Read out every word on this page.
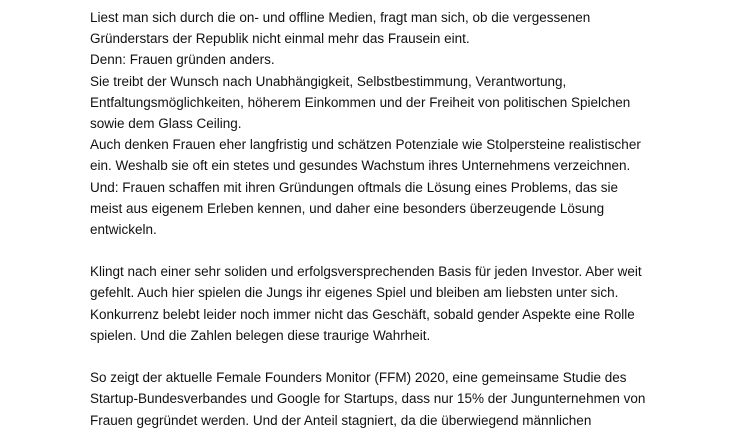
Liest man sich durch die on- und offline Medien, fragt man sich, ob die vergessenen
Gründerstars der Republik nicht einmal mehr das Frausein eint.
Denn: Frauen gründen anders.
Sie treibt der Wunsch nach Unabhängigkeit, Selbstbestimmung, Verantwortung,
Entfaltungsmöglichkeiten, höherem Einkommen und der Freiheit von politischen Spielchen
sowie dem Glass Ceiling.
Auch denken Frauen eher langfristig und schätzen Potenziale wie Stolpersteine realistischer
ein. Weshalb sie oft ein stetes und gesundes Wachstum ihres Unternehmens verzeichnen.
Und: Frauen schaffen mit ihren Gründungen oftmals die Lösung eines Problems, das sie
meist aus eigenem Erleben kennen, und daher eine besonders überzeugende Lösung
entwickeln.
Klingt nach einer sehr soliden und erfolgsversprechenden Basis für jeden Investor. Aber weit
gefehlt. Auch hier spielen die Jungs ihr eigenes Spiel und bleiben am liebsten unter sich.
Konkurrenz belebt leider noch immer nicht das Geschäft, sobald gender Aspekte eine Rolle
spielen. Und die Zahlen belegen diese traurige Wahrheit.
So zeigt der aktuelle Female Founders Monitor (FFM) 2020, eine gemeinsame Studie des
Startup-Bundesverbandes und Google for Startups, dass nur 15% der Jungunternehmen von
Frauen gegründet werden. Und der Anteil stagniert, da die überwiegend männlichen
